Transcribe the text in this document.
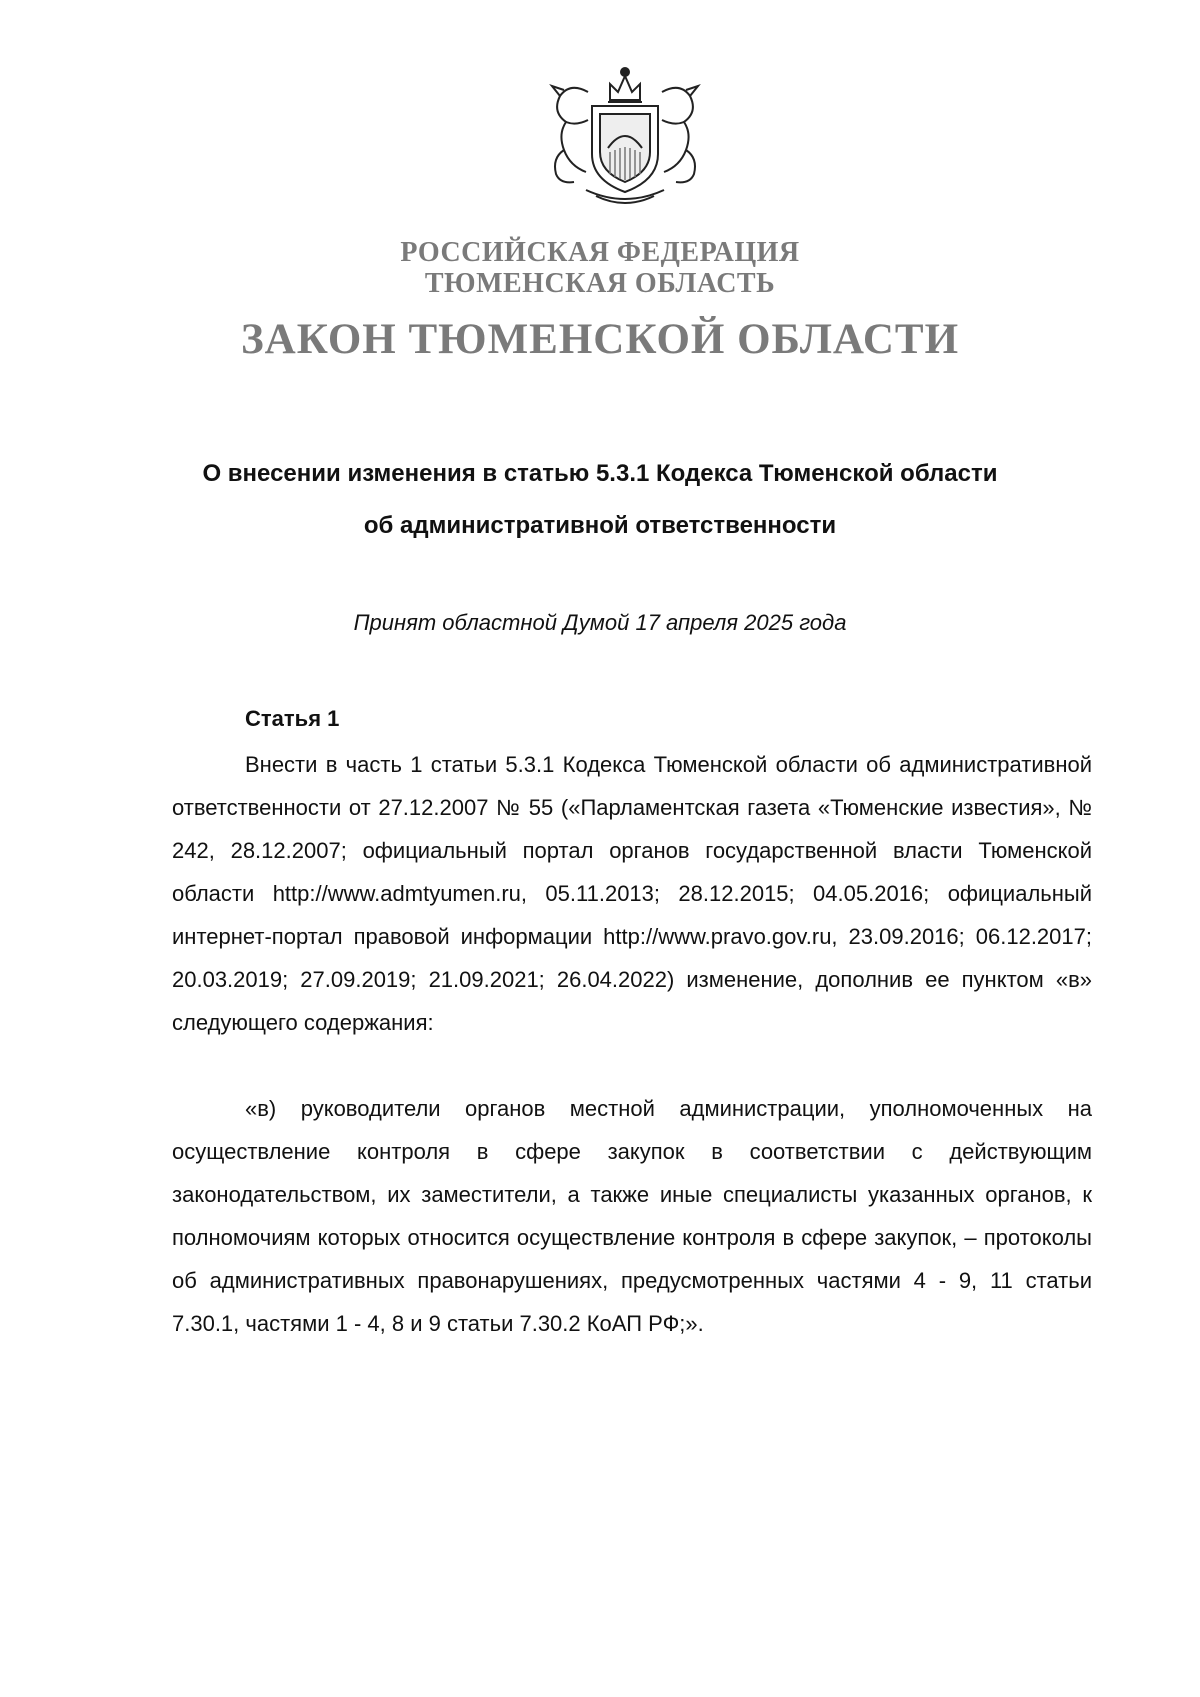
РОССИЙСКАЯ ФЕДЕРАЦИЯ

ТЮМЕНСКАЯ ОБЛАСТЬ

ЗАКОН ТЮМЕНСКОЙ ОБЛАСТИ

О внесении изменения в статью 5.3.1 Кодекса Тюменской области

об административной ответственности

Принят областной Думой 17 апреля 2025 года

Статья 1

Внести в часть 1 статьи 5.3.1 Кодекса Тюменской области об административной ответственности от 27.12.2007 № 55 («Парламентская газета «Тюменские известия», № 242, 28.12.2007; официальный портал органов государственной власти Тюменской области http://www.admtyumen.ru, 05.11.2013; 28.12.2015; 04.05.2016; официальный интернет-портал правовой информации http://www.pravo.gov.ru, 23.09.2016; 06.12.2017; 20.03.2019; 27.09.2019; 21.09.2021; 26.04.2022) изменение, дополнив ее пунктом «в» следующего содержания:

«в) руководители органов местной администрации, уполномоченных на осуществление контроля в сфере закупок в соответствии с действующим законодательством, их заместители, а также иные специалисты указанных органов, к полномочиям которых относится осуществление контроля в сфере закупок, – протоколы об административных правонарушениях, предусмотренных частями 4 - 9, 11 статьи 7.30.1, частями 1 - 4, 8 и 9 статьи 7.30.2 КоАП РФ;».
